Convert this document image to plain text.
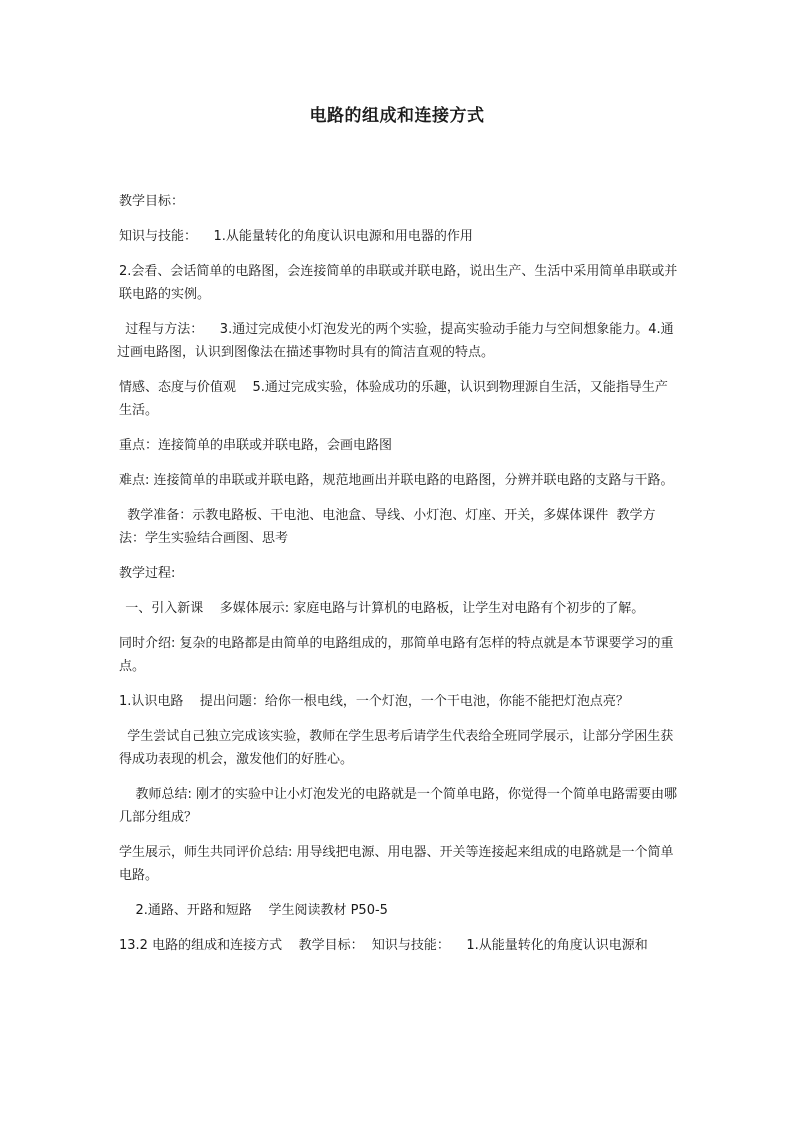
电路的组成和连接方式

教学目标：

知识与技能：    1.从能量转化的角度认识电源和用电器的作用

2.会看、会话简单的电路图，会连接简单的串联或并联电路，说出生产、生活中采用简单串联或并联电路的实例。

过程与方法：    3.通过完成使小灯泡发光的两个实验，提高实验动手能力与空间想象能力。4.通过画电路图，认识到图像法在描述事物时具有的简洁直观的特点。

情感、态度与价值观    5.通过完成实验，体验成功的乐趣，认识到物理源自生活，又能指导生产生活。

重点：连接简单的串联或并联电路，会画电路图

难点: 连接简单的串联或并联电路，规范地画出并联电路的电路图，分辨并联电路的支路与干路。

教学准备：示教电路板、干电池、电池盒、导线、小灯泡、灯座、开关，多媒体课件  教学方法：学生实验结合画图、思考

教学过程:

一、引入新课    多媒体展示: 家庭电路与计算机的电路板，让学生对电路有个初步的了解。

同时介绍: 复杂的电路都是由简单的电路组成的，那简单电路有怎样的特点就是本节课要学习的重点。

1.认识电路    提出问题：给你一根电线，一个灯泡，一个干电池，你能不能把灯泡点亮？

学生尝试自己独立完成该实验，教师在学生思考后请学生代表给全班同学展示，让部分学困生获得成功表现的机会，激发他们的好胜心。

教师总结: 刚才的实验中让小灯泡发光的电路就是一个简单电路，你觉得一个简单电路需要由哪几部分组成？

学生展示，师生共同评价总结: 用导线把电源、用电器、开关等连接起来组成的电路就是一个简单电路。

2.通路、开路和短路    学生阅读教材 P50-5

13.2 电路的组成和连接方式    教学目标：  知识与技能：    1.从能量转化的角度认识电源和
